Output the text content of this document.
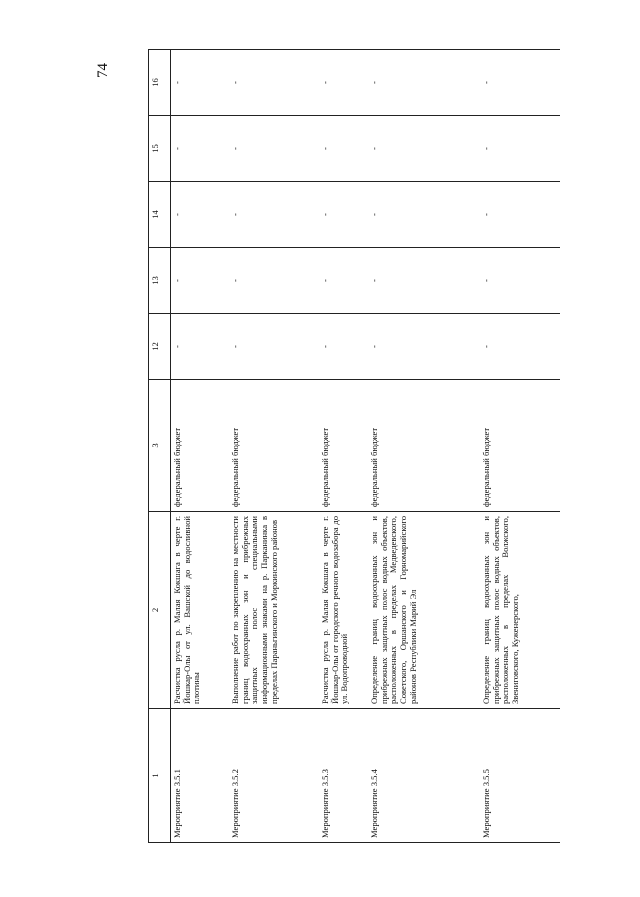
74
1	2	3	12	13	14	15	16
Мероприятие 3.5.1	Расчистка русла р. Малая Кокшага в черте г. Йошкар-Олы от ул. Вашской до водосливной плотины	федеральный бюджет	-	-	-	-	-
Мероприятие 3.5.2	Выполнение работ по закреплению на местности границ водоохранных зон и прибрежных защитных полос специальными информационными знаками на р. Парканинка в пределах Параньгинского и Моркинского районов	федеральный бюджет	-	-	-	-	-
Мероприятие 3.5.3	Расчистка русла р. Малая Кокшага в черте г. Йошкар-Олы от городского речного водозабора до ул. Водопроводной	федеральный бюджет	-	-	-	-	-
Мероприятие 3.5.4	Определение границ водоохранных зон и прибрежных защитных полос водных объектов, расположенных в пределах Медведевского, Советского, Оршанского и Горномарийского районов Республики Марий Эл	федеральный бюджет	-	-	-	-	-
Мероприятие 3.5.5	Определение границ водоохранных зон и прибрежных защитных полос водных объектов, расположенных в пределах Волжского, Звениговского, Куженерского,	федеральный бюджет	-	-	-	-	-
